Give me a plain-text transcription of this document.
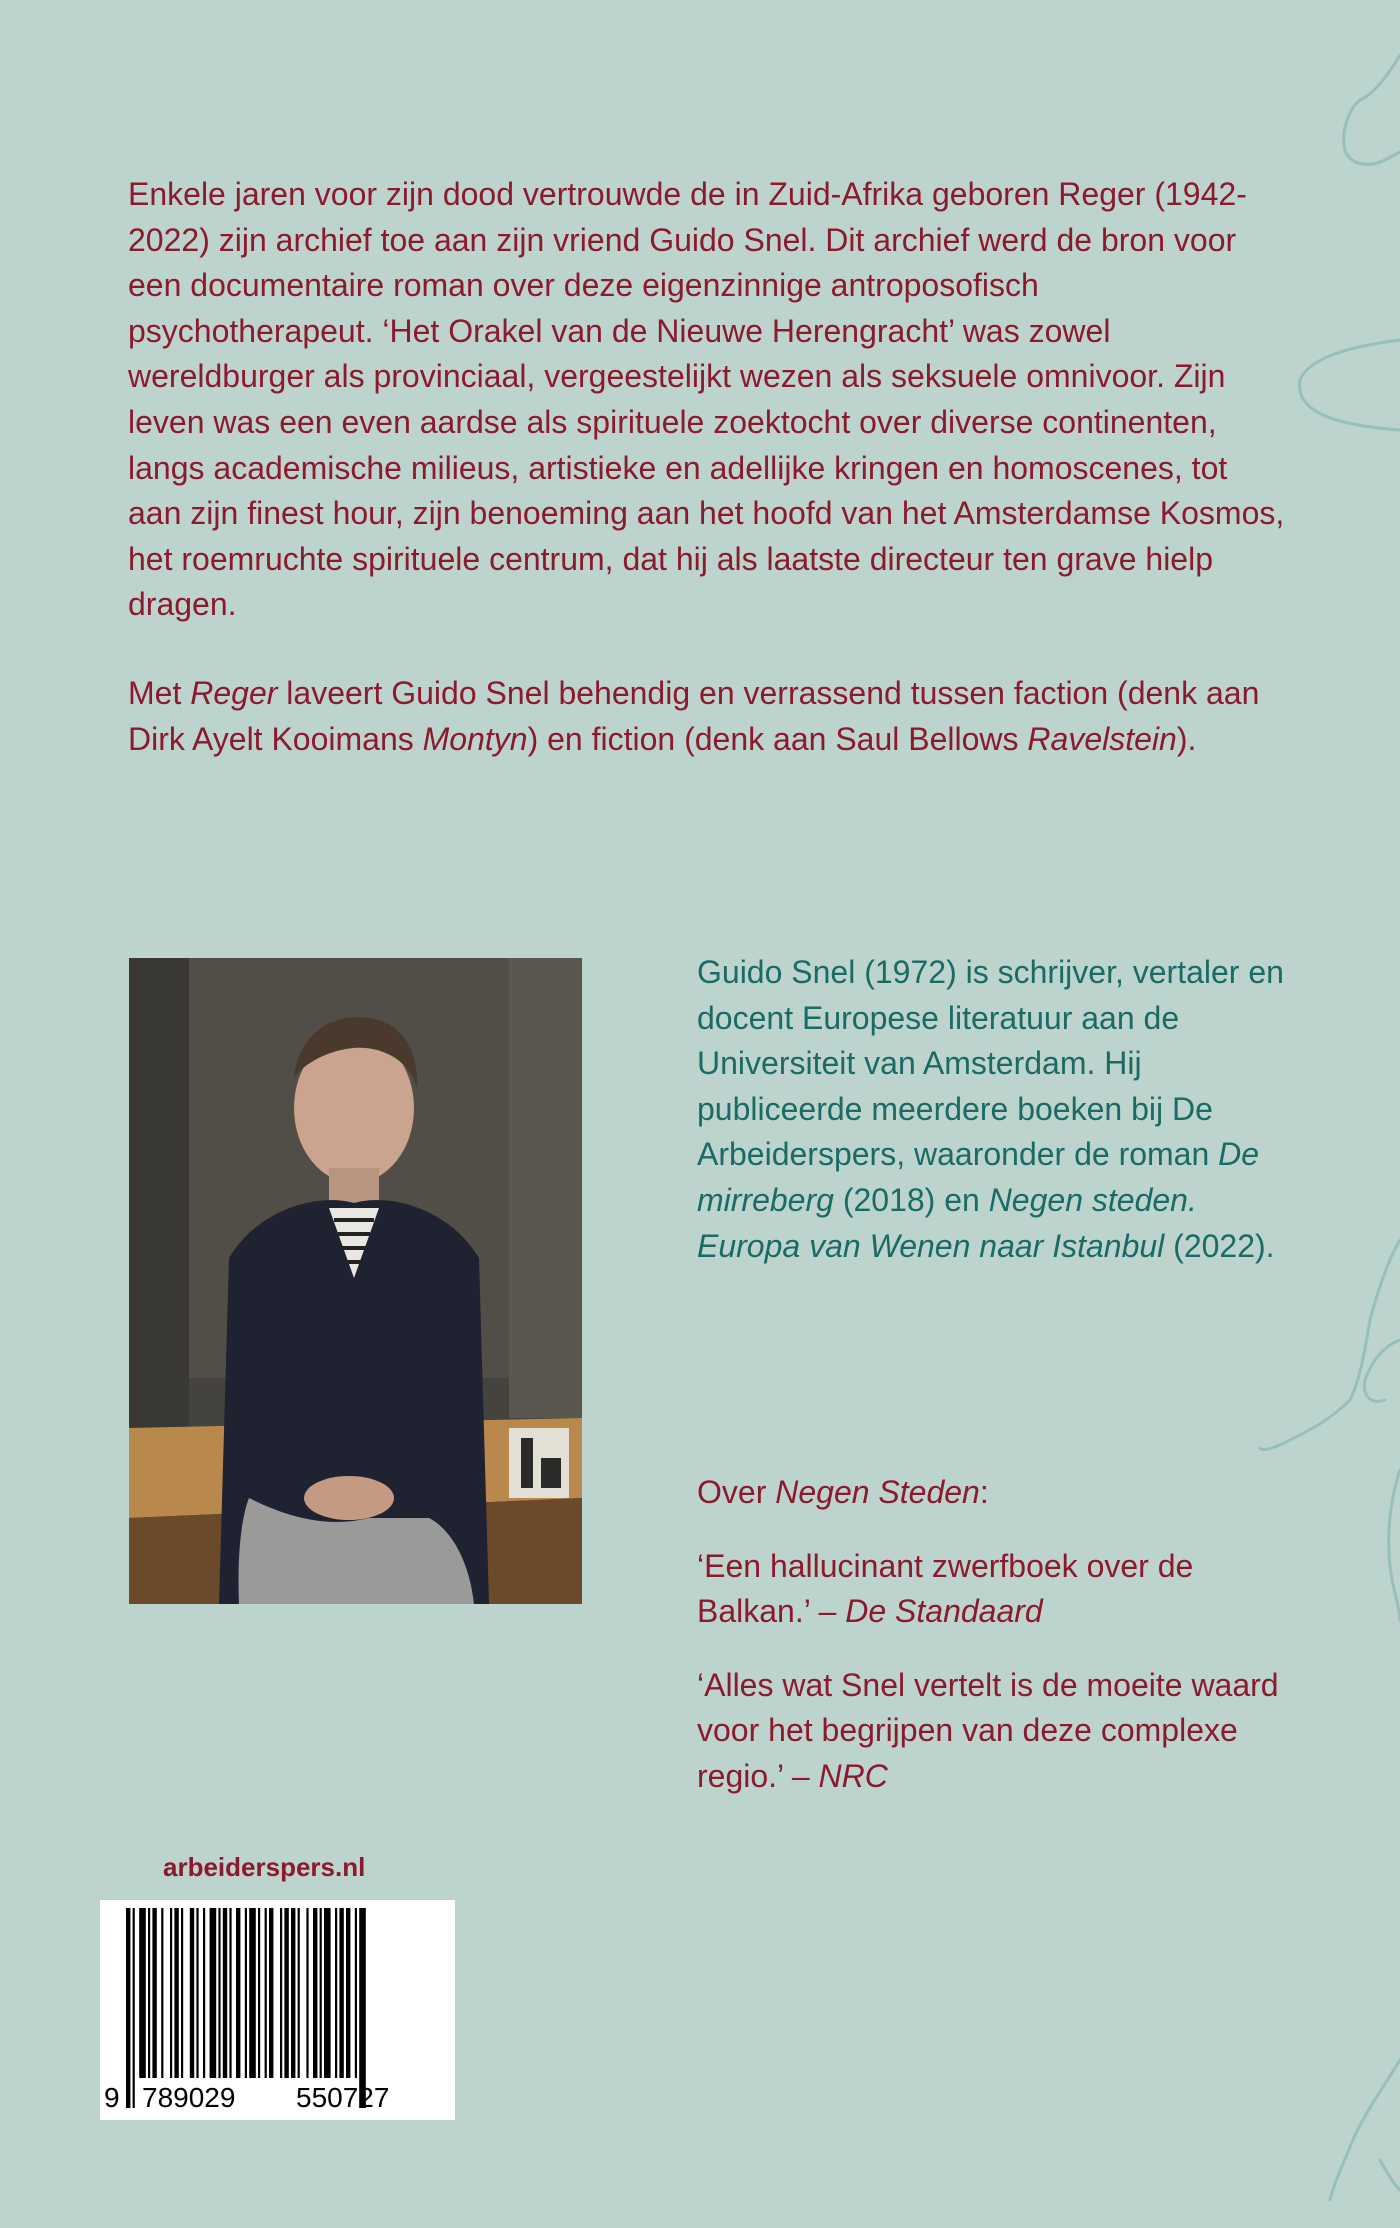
Enkele jaren voor zijn dood vertrouwde de in Zuid-Afrika geboren Reger (1942-2022) zijn archief toe aan zijn vriend Guido Snel. Dit archief werd de bron voor een documentaire roman over deze eigenzinnige antroposofisch psychotherapeut. ‘Het Orakel van de Nieuwe Herengracht’ was zowel wereldburger als provinciaal, vergeestelijkt wezen als seksuele omnivoor. Zijn leven was een even aardse als spirituele zoektocht over diverse continenten, langs academische milieus, artistieke en adellijke kringen en homoscenes, tot aan zijn finest hour, zijn benoeming aan het hoofd van het Amsterdamse Kosmos, het roemruchte spirituele centrum, dat hij als laatste directeur ten grave hielp dragen.

Met Reger laveert Guido Snel behendig en verrassend tussen faction (denk aan Dirk Ayelt Kooimans Montyn) en fiction (denk aan Saul Bellows Ravelstein).

Guido Snel (1972) is schrijver, vertaler en docent Europese literatuur aan de Universiteit van Amsterdam. Hij publiceerde meerdere boeken bij De Arbeiderspers, waaronder de roman De mirreberg (2018) en Negen steden. Europa van Wenen naar Istanbul (2022).

Over Negen Steden:

‘Een hallucinant zwerfboek over de Balkan.’ – De Standaard

‘Alles wat Snel vertelt is de moeite waard voor het begrijpen van deze complexe regio.’ – NRC

arbeiderspers.nl
9 789029 550727
